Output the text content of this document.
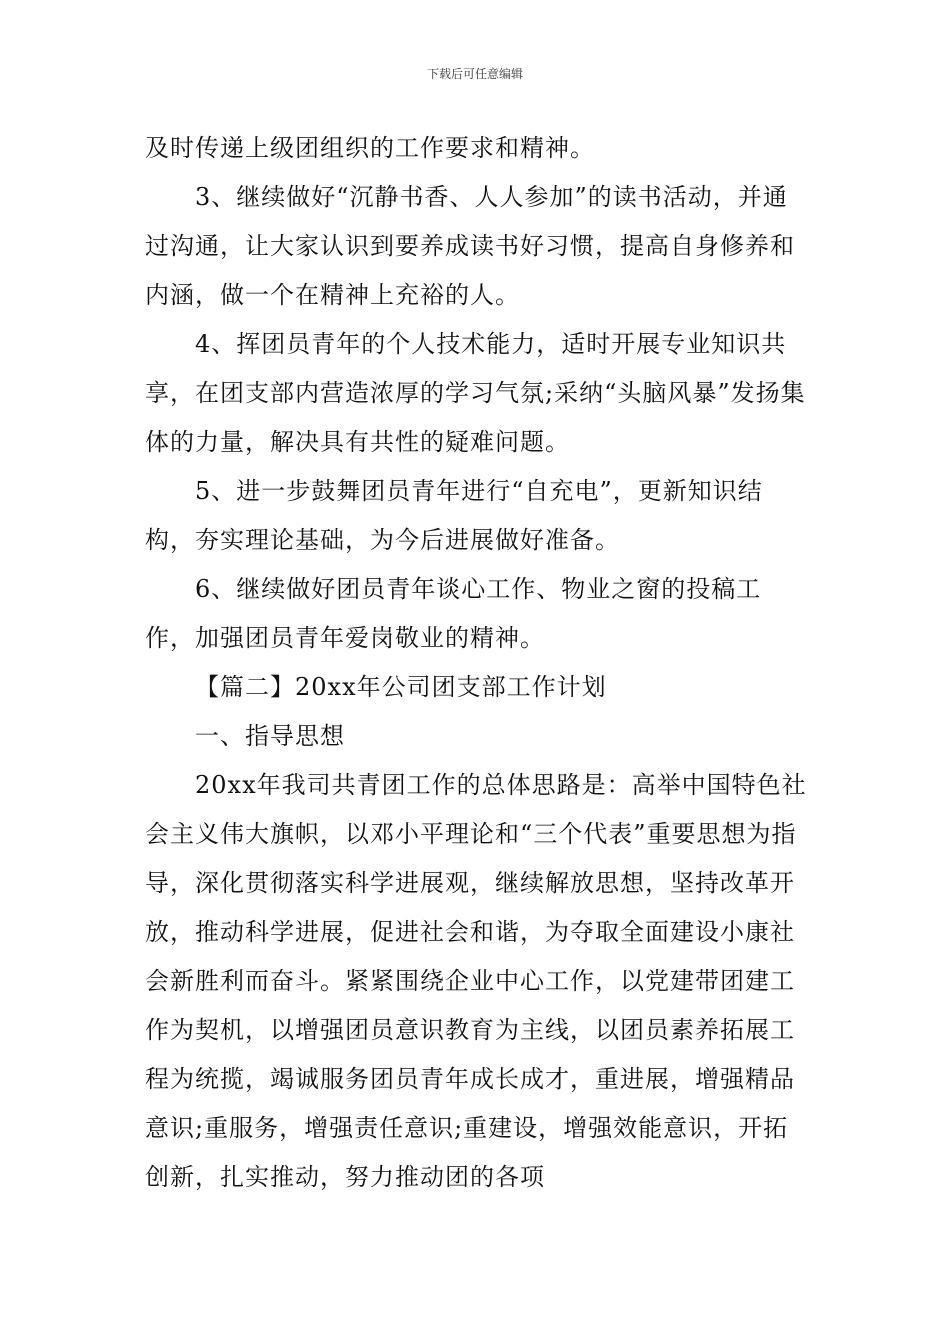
下载后可任意编辑

及时传递上级团组织的工作要求和精神。

3、继续做好“沉静书香、人人参加”的读书活动，并通过沟通，让大家认识到要养成读书好习惯，提高自身修养和内涵，做一个在精神上充裕的人。

4、挥团员青年的个人技术能力，适时开展专业知识共享，在团支部内营造浓厚的学习气氛;采纳“头脑风暴”发扬集体的力量，解决具有共性的疑难问题。

5、进一步鼓舞团员青年进行“自充电”，更新知识结构，夯实理论基础，为今后进展做好准备。

6、继续做好团员青年谈心工作、物业之窗的投稿工作，加强团员青年爱岗敬业的精神。

【篇二】20xx年公司团支部工作计划

一、指导思想

20xx年我司共青团工作的总体思路是：高举中国特色社会主义伟大旗帜，以邓小平理论和“三个代表”重要思想为指导，深化贯彻落实科学进展观，继续解放思想，坚持改革开放，推动科学进展，促进社会和谐，为夺取全面建设小康社会新胜利而奋斗。紧紧围绕企业中心工作，以党建带团建工作为契机，以增强团员意识教育为主线，以团员素养拓展工程为统揽，竭诚服务团员青年成长成才，重进展，增强精品意识;重服务，增强责任意识;重建设，增强效能意识，开拓创新，扎实推动，努力推动团的各项
